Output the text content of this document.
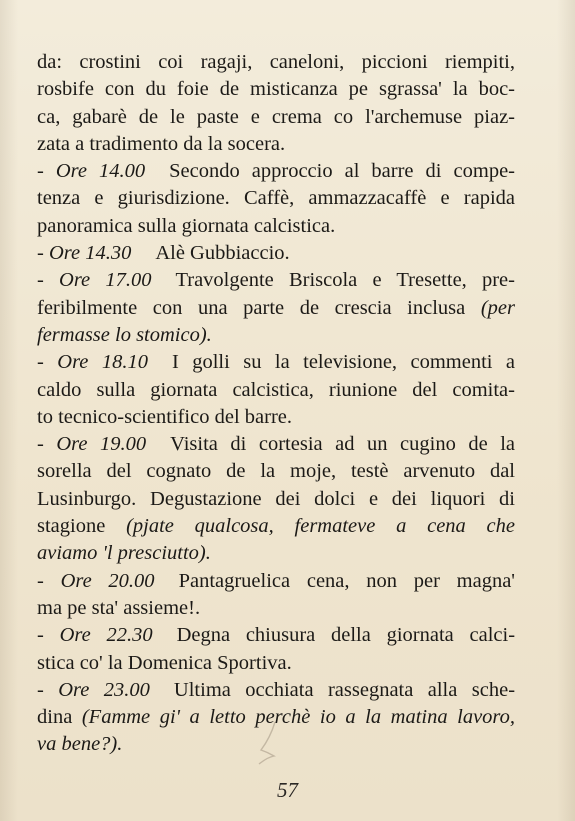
da: crostini coi ragaji, caneloni, piccioni riempiti,
rosbife con du foie de misticanza pe sgrassa' la boc-
ca, gabarè de le paste e crema co l'archemuse piaz-
zata a tradimento da la socera.
- Ore 14.00 Secondo approccio al barre di compe-
tenza e giurisdizione. Caffè, ammazzacaffè e rapida
panoramica sulla giornata calcistica.
- Ore 14.30 Alè Gubbiaccio.
- Ore 17.00 Travolgente Briscola e Tresette, pre-
feribilmente con una parte de crescia inclusa (per
fermasse lo stomico).
- Ore 18.10 I golli su la televisione, commenti a
caldo sulla giornata calcistica, riunione del comita-
to tecnico-scientifico del barre.
- Ore 19.00 Visita di cortesia ad un cugino de la
sorella del cognato de la moje, testè arvenuto dal
Lusinburgo. Degustazione dei dolci e dei liquori di
stagione (pjate qualcosa, fermateve a cena che
aviamo 'l presciutto).
- Ore 20.00 Pantagruelica cena, non per magna'
ma pe sta' assieme!.
- Ore 22.30 Degna chiusura della giornata calci-
stica co' la Domenica Sportiva.
- Ore 23.00 Ultima occhiata rassegnata alla sche-
dina (Famme gi' a letto perchè io a la matina lavoro,
va bene?).
57
